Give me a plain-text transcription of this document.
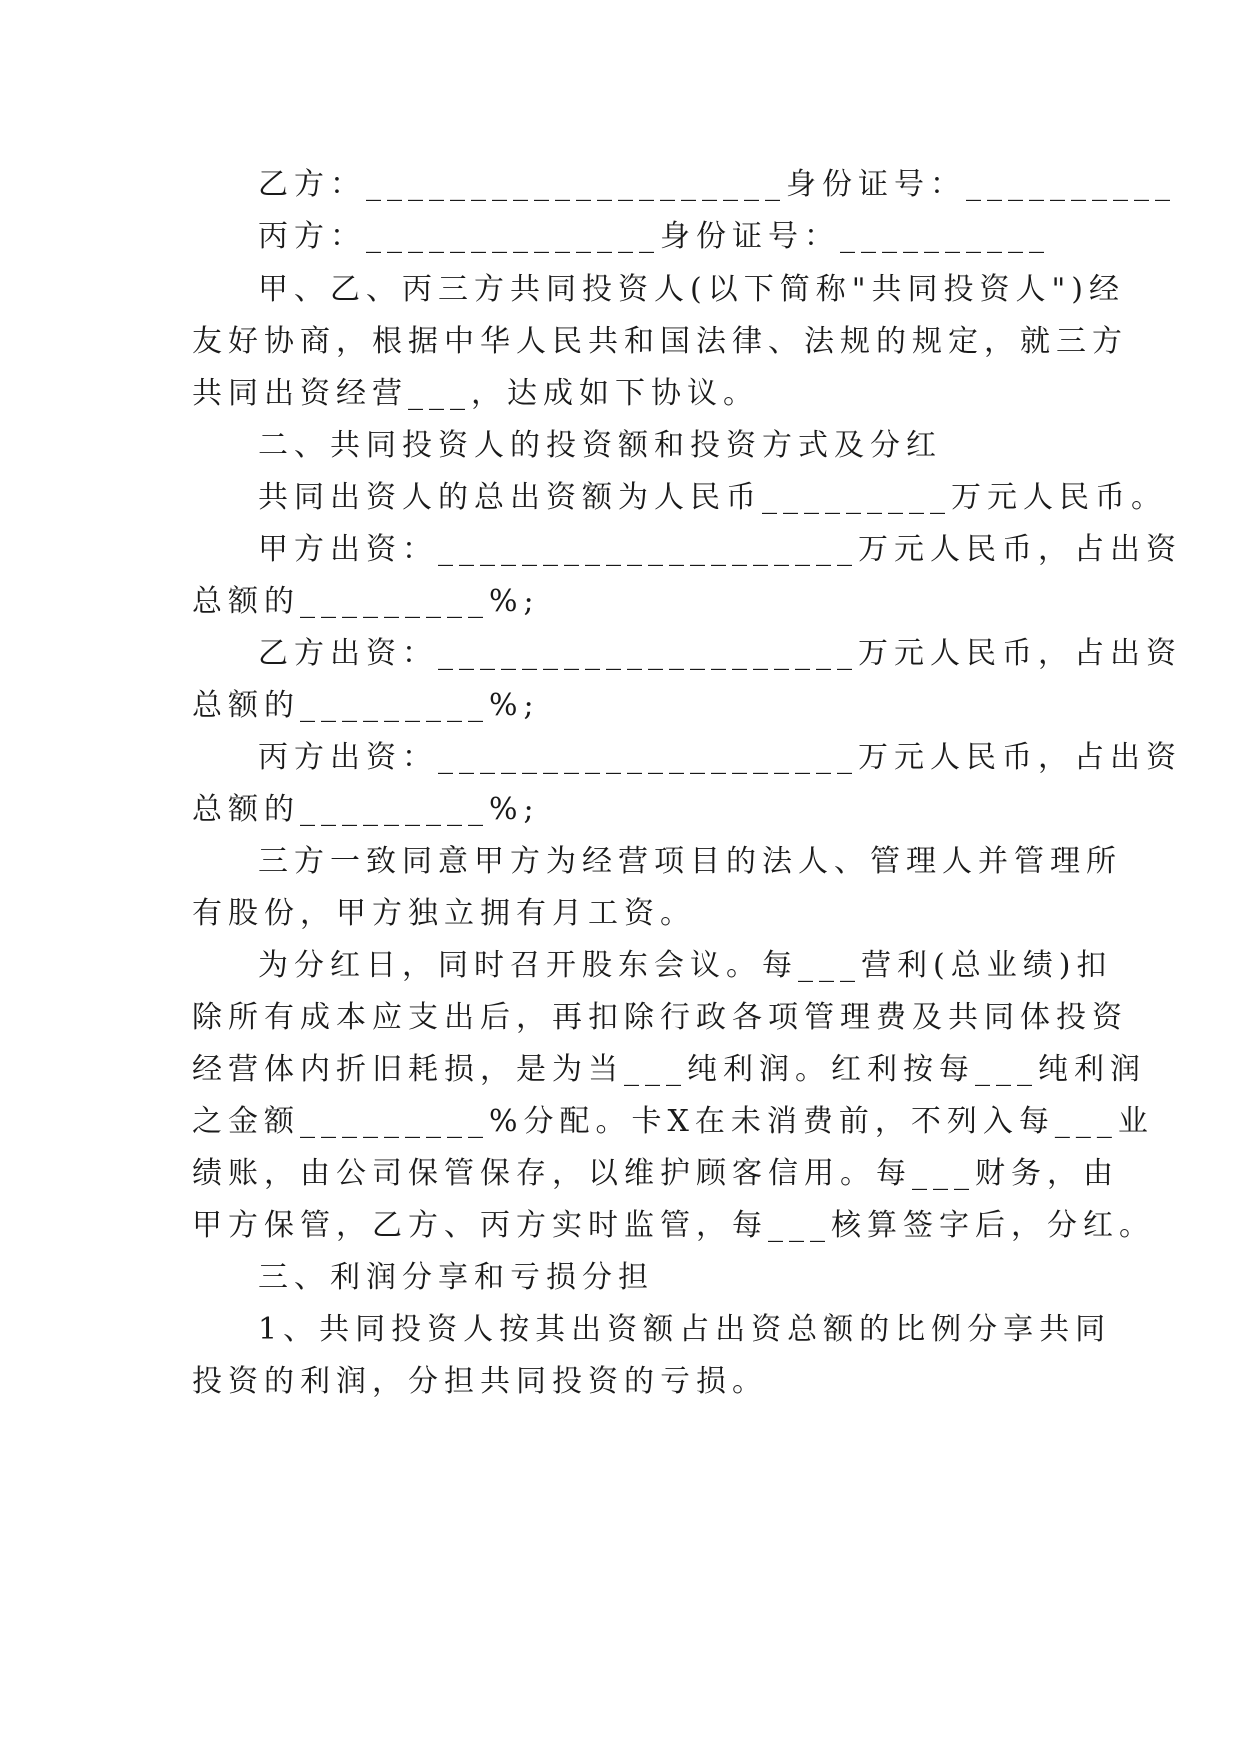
乙方：____________________身份证号：__________
丙方：______________身份证号：__________
甲、乙、丙三方共同投资人(以下简称"共同投资人")经
友好协商，根据中华人民共和国法律、法规的规定，就三方
共同出资经营___，达成如下协议。
二、共同投资人的投资额和投资方式及分红
共同出资人的总出资额为人民币_________万元人民币。
甲方出资：____________________万元人民币，占出资
总额的_________%;
乙方出资：____________________万元人民币，占出资
总额的_________%;
丙方出资：____________________万元人民币，占出资
总额的_________%;
三方一致同意甲方为经营项目的法人、管理人并管理所
有股份，甲方独立拥有月工资。
为分红日，同时召开股东会议。每___营利(总业绩)扣
除所有成本应支出后，再扣除行政各项管理费及共同体投资
经营体内折旧耗损，是为当___纯利润。红利按每___纯利润
之金额_________%分配。卡X在未消费前，不列入每___业
绩账，由公司保管保存，以维护顾客信用。每___财务，由
甲方保管，乙方、丙方实时监管，每___核算签字后，分红。
三、利润分享和亏损分担
1、共同投资人按其出资额占出资总额的比例分享共同
投资的利润，分担共同投资的亏损。
